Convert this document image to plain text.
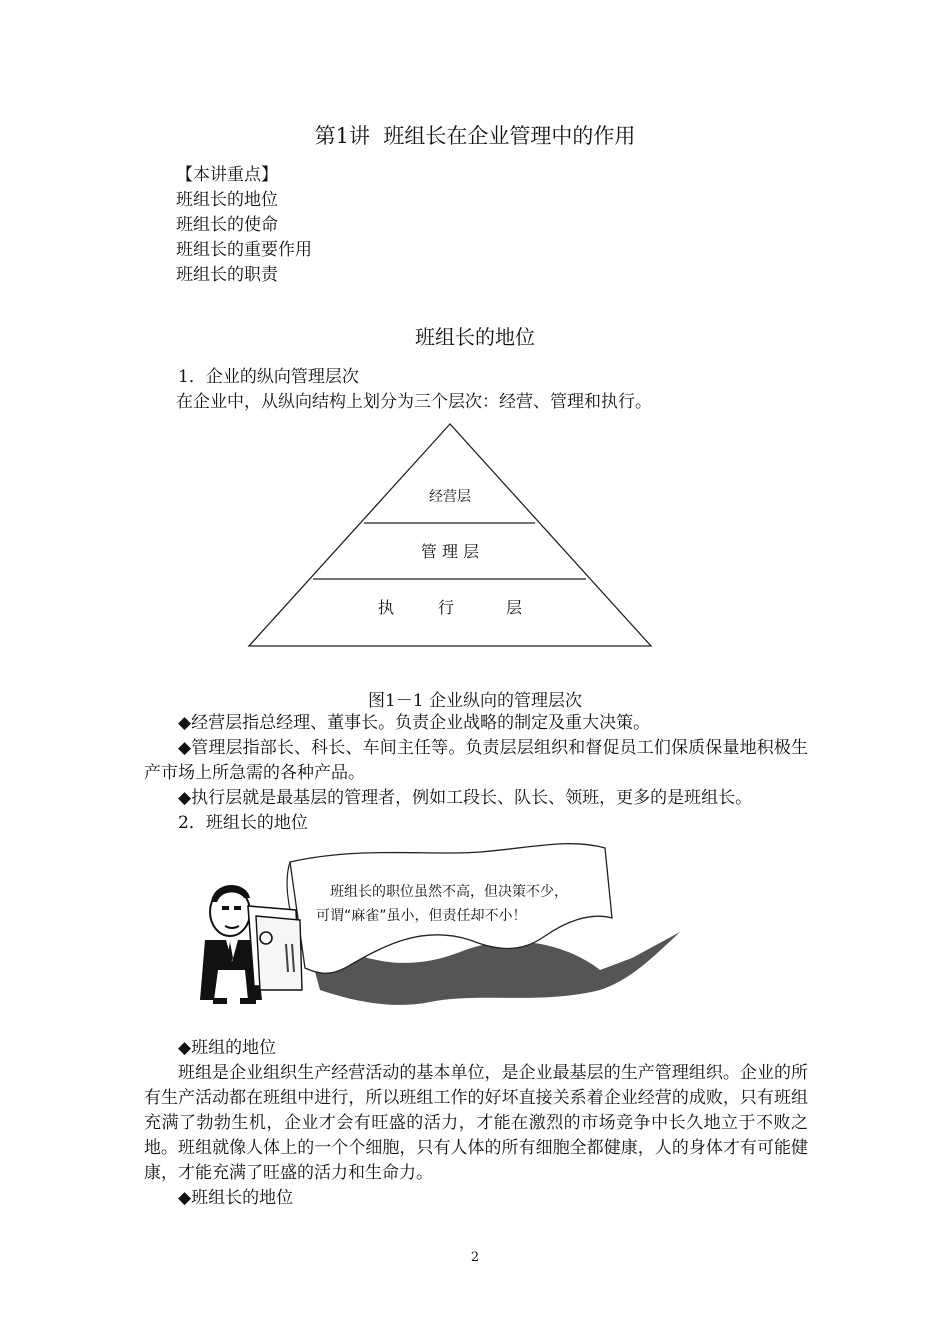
第1讲 班组长在企业管理中的作用
【本讲重点】
班组长的地位
班组长的使命
班组长的重要作用
班组长的职责
班组长的地位
1．企业的纵向管理层次
在企业中，从纵向结构上划分为三个层次：经营、管理和执行。
经营层
管 理 层
执	行	层
图1－1 企业纵向的管理层次
◆经营层指总经理、董事长。负责企业战略的制定及重大决策。
◆管理层指部长、科长、车间主任等。负责层层组织和督促员工们保质保量地积极生产市场上所急需的各种产品。
◆执行层就是最基层的管理者，例如工段长、队长、领班，更多的是班组长。
2．班组长的地位
班组长的职位虽然不高，但决策不少，
可谓“麻雀”虽小，但责任却不小！
◆班组的地位
班组是企业组织生产经营活动的基本单位，是企业最基层的生产管理组织。企业的所有生产活动都在班组中进行，所以班组工作的好坏直接关系着企业经营的成败，只有班组充满了勃勃生机，企业才会有旺盛的活力，才能在激烈的市场竞争中长久地立于不败之地。班组就像人体上的一个个细胞，只有人体的所有细胞全都健康，人的身体才有可能健康，才能充满了旺盛的活力和生命力。
◆班组长的地位
2
